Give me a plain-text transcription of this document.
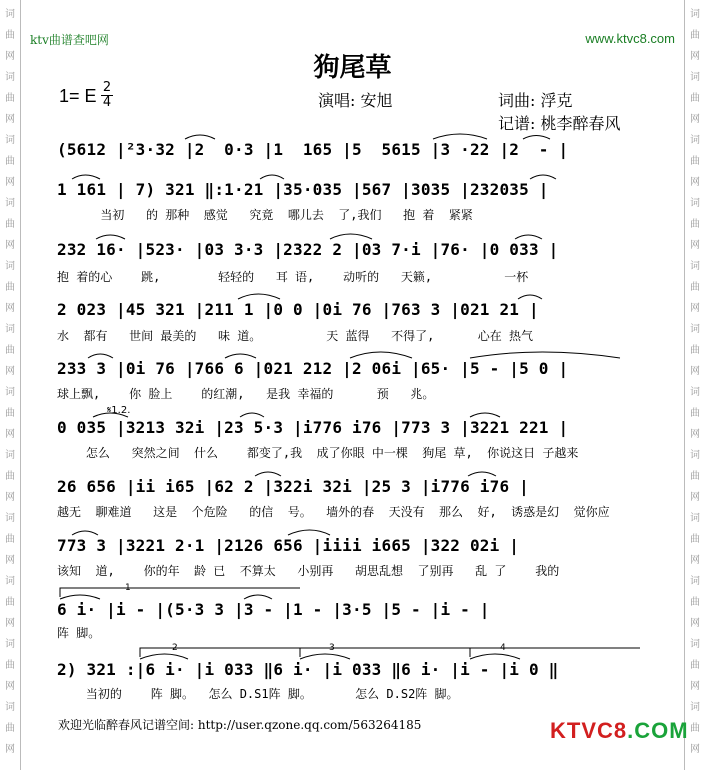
词
曲
网
词
曲
网
词
曲
网
词
曲
网
词
曲
网
词
曲
网
词
曲
网
词
曲
网
词
曲
网
词
曲
网
词
曲
网
词
曲
网
词
曲
网
词
曲
网
词
曲
网
词
曲
网
词
曲
网
词
曲
网
词
曲
网
词
曲
网
词
曲
网
词
曲
网
词
曲
网
词
曲
网
ktv曲谱查吧网	www.ktvc8.com
狗尾草
1= E 2
4	演唱: 安旭	词曲: 浮克
记谱: 桃李醉春风
(5612 |²3·32 |2  0·3 |1  165 |5  5615 |3 ·22 |2  - |
1 161 | 7) 321 ‖:1·21 |35·035 |567 |3035 |232035 |
当初   的 那种  感觉   究竟  哪儿去  了,我们   抱 着  紧紧
232 16· |523· |03 3·3 |2322 2 |03 7·i |76· |0 033 |
抱 着的心    跳,        轻轻的   耳 语,    动听的   天籁,          一杯
2 023 |45 321 |211 1 |0 0 |0i 76 |763 3 |021 21 |
水  都有   世间 最美的   味 道。         天 蓝得   不得了,      心在 热气
233 3 |0i 76 |766 6 |021 212 |2 06i |65· |5 - |5 0 |
球上飘,    你 脸上    的红潮,   是我 幸福的      预   兆。
0 035 |3213 32i |23 5·3 |i776 i76 |773 3 |3221 221 |
怎么   突然之间  什么    都变了,我  成了你眼 中一棵  狗尾 草,  你说这日 子越来
26 656 |ii i65 |62 2 |322i 32i |25 3 |i776 i76 |
越无  聊难道   这是  个危险   的信  号。  墙外的春  天没有  那么  好,  诱惑是幻  觉你应
773 3 |3221 2·1 |2126 656 |iiii i665 |322 02i |
该知  道,    你的年  龄 已  不算太   小别再   胡思乱想  了别再   乱 了    我的
6 i· |i - |(5·3 3 |3 - |1 - |3·5 |5 - |i - |
阵 脚。
2) 321 :|6 i· |i 033 ‖6 i· |i 033 ‖6 i· |i - |i 0 ‖
当初的    阵 脚。  怎么 D.S1阵 脚。      怎么 D.S2阵 脚。
𝄋1.2.
1
2	3	4
欢迎光临醉春风记谱空间: http://user.qzone.qq.com/563264185	KTVC8.COM
